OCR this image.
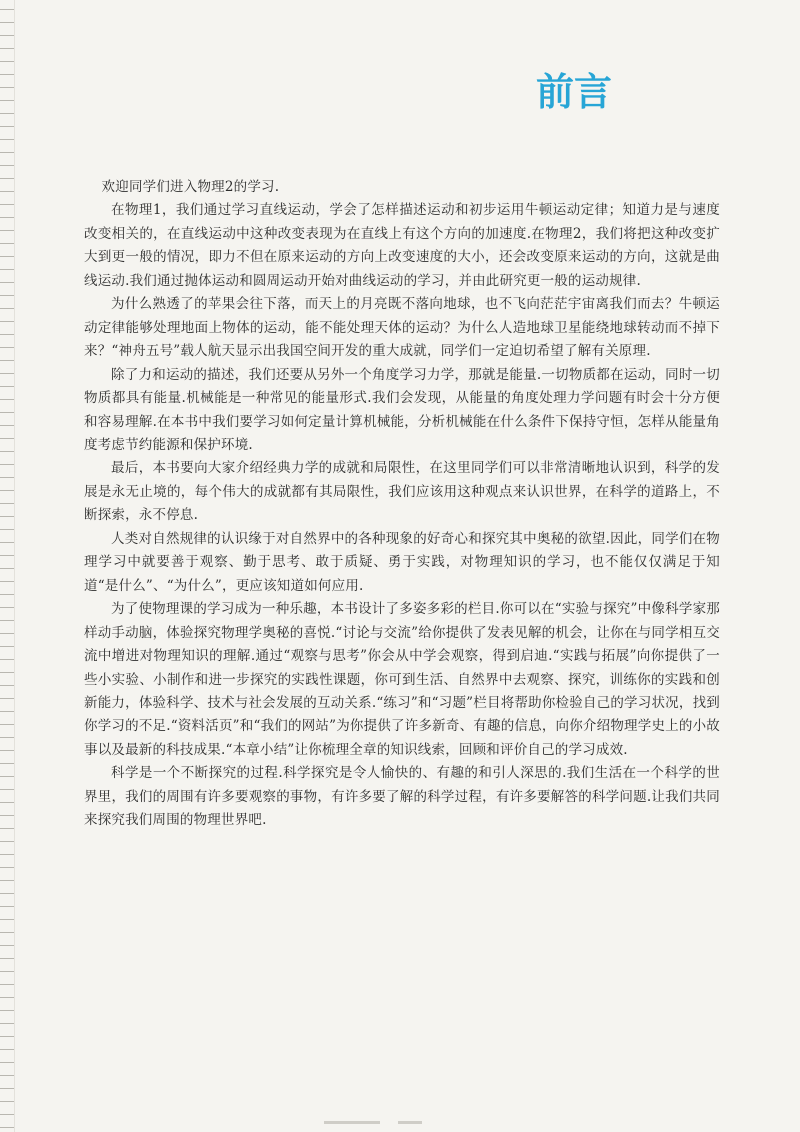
前言

欢迎同学们进入物理2的学习.

在物理1，我们通过学习直线运动，学会了怎样描述运动和初步运用牛顿运动定律；知道力是与速度改变相关的，在直线运动中这种改变表现为在直线上有这个方向的加速度.在物理2，我们将把这种改变扩大到更一般的情况，即力不但在原来运动的方向上改变速度的大小，还会改变原来运动的方向，这就是曲线运动.我们通过抛体运动和圆周运动开始对曲线运动的学习，并由此研究更一般的运动规律.

为什么熟透了的苹果会往下落，而天上的月亮既不落向地球，也不飞向茫茫宇宙离我们而去？牛顿运动定律能够处理地面上物体的运动，能不能处理天体的运动？为什么人造地球卫星能绕地球转动而不掉下来？“神舟五号”载人航天显示出我国空间开发的重大成就，同学们一定迫切希望了解有关原理.

除了力和运动的描述，我们还要从另外一个角度学习力学，那就是能量.一切物质都在运动，同时一切物质都具有能量.机械能是一种常见的能量形式.我们会发现，从能量的角度处理力学问题有时会十分方便和容易理解.在本书中我们要学习如何定量计算机械能，分析机械能在什么条件下保持守恒，怎样从能量角度考虑节约能源和保护环境.

最后，本书要向大家介绍经典力学的成就和局限性，在这里同学们可以非常清晰地认识到，科学的发展是永无止境的，每个伟大的成就都有其局限性，我们应该用这种观点来认识世界，在科学的道路上，不断探索，永不停息.

人类对自然规律的认识缘于对自然界中的各种现象的好奇心和探究其中奥秘的欲望.因此，同学们在物理学习中就要善于观察、勤于思考、敢于质疑、勇于实践，对物理知识的学习，也不能仅仅满足于知道“是什么”、“为什么”，更应该知道如何应用.

为了使物理课的学习成为一种乐趣，本书设计了多姿多彩的栏目.你可以在“实验与探究”中像科学家那样动手动脑，体验探究物理学奥秘的喜悦.“讨论与交流”给你提供了发表见解的机会，让你在与同学相互交流中增进对物理知识的理解.通过“观察与思考”你会从中学会观察，得到启迪.“实践与拓展”向你提供了一些小实验、小制作和进一步探究的实践性课题，你可到生活、自然界中去观察、探究，训练你的实践和创新能力，体验科学、技术与社会发展的互动关系.“练习”和“习题”栏目将帮助你检验自己的学习状况，找到你学习的不足.“资料活页”和“我们的网站”为你提供了许多新奇、有趣的信息，向你介绍物理学史上的小故事以及最新的科技成果.“本章小结”让你梳理全章的知识线索，回顾和评价自己的学习成效.

科学是一个不断探究的过程.科学探究是令人愉快的、有趣的和引人深思的.我们生活在一个科学的世界里，我们的周围有许多要观察的事物，有许多要了解的科学过程，有许多要解答的科学问题.让我们共同来探究我们周围的物理世界吧.
